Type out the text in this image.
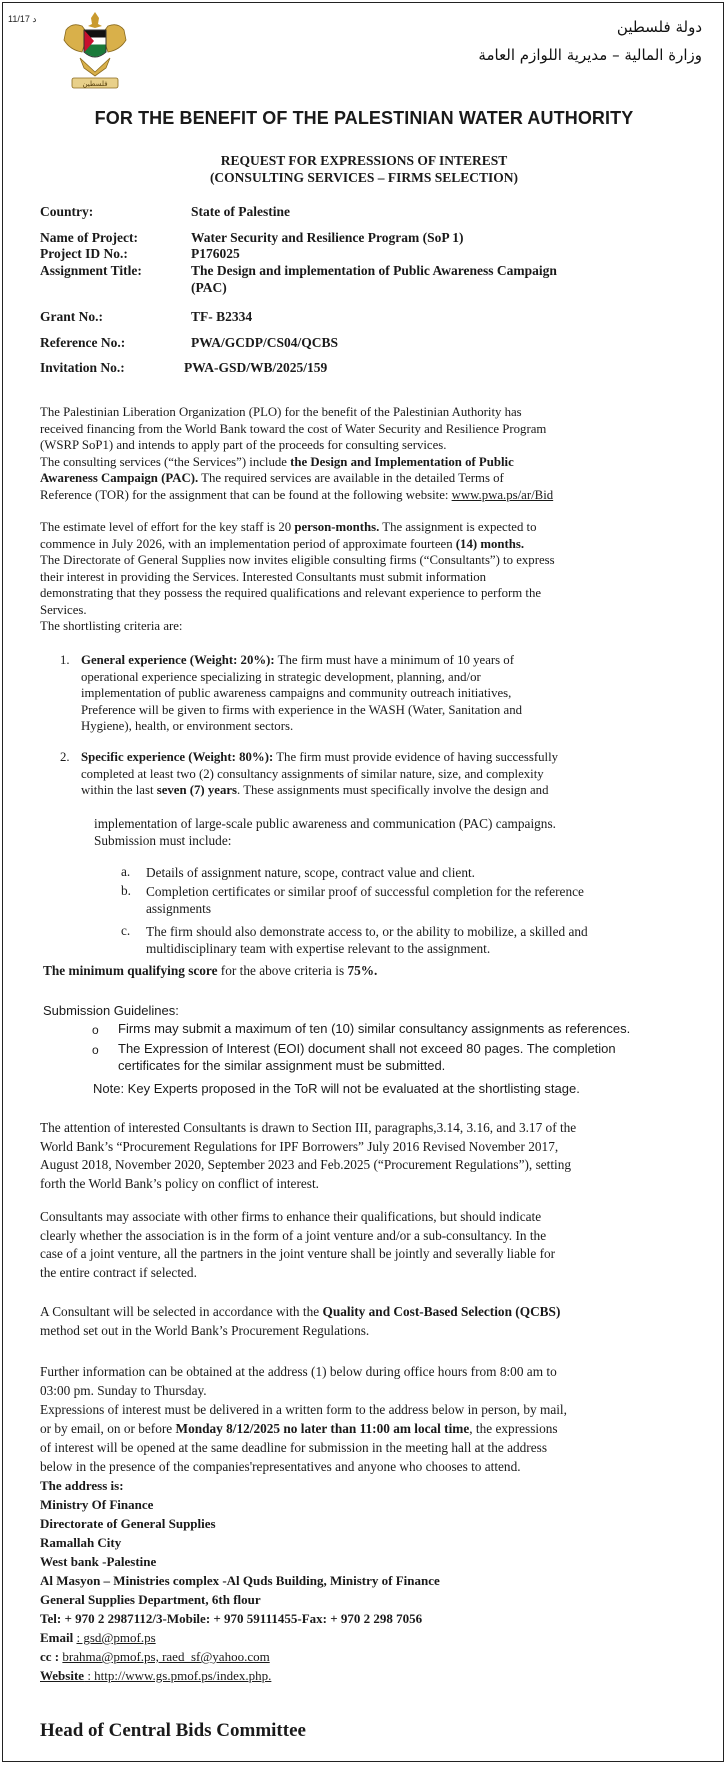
11/17 د
فلسطين
دولة فلسطين
وزارة المالية – مديرية اللوازم العامة
FOR THE BENEFIT OF THE PALESTINIAN WATER AUTHORITY
REQUEST FOR EXPRESSIONS OF INTEREST
(CONSULTING SERVICES – FIRMS SELECTION)
Country:	State of Palestine
Name of Project:	Water Security and Resilience Program (SoP 1)
Project ID No.:	P176025
Assignment Title:	The Design and implementation of Public Awareness Campaign
(PAC)
Grant No.:	TF- B2334
Reference No.:	PWA/GCDP/CS04/QCBS
Invitation No.:	PWA-GSD/WB/2025/159
The Palestinian Liberation Organization (PLO) for the benefit of the Palestinian Authority has
received financing from the World Bank toward the cost of Water Security and Resilience Program
(WSRP SoP1) and intends to apply part of the proceeds for consulting services.
The consulting services (“the Services”) include the Design and Implementation of Public
Awareness Campaign (PAC). The required services are available in the detailed Terms of
Reference (TOR) for the assignment that can be found at the following website: www.pwa.ps/ar/Bid
The estimate level of effort for the key staff is 20 person-months. The assignment is expected to
commence in July 2026, with an implementation period of approximate fourteen (14) months.
The Directorate of General Supplies now invites eligible consulting firms (“Consultants”) to express
their interest in providing the Services. Interested Consultants must submit information
demonstrating that they possess the required qualifications and relevant experience to perform the
Services.
The shortlisting criteria are:
1. General experience (Weight: 20%): The firm must have a minimum of 10 years of
operational experience specializing in strategic development, planning, and/or
implementation of public awareness campaigns and community outreach initiatives,
Preference will be given to firms with experience in the WASH (Water, Sanitation and
Hygiene), health, or environment sectors.
2. Specific experience (Weight: 80%): The firm must provide evidence of having successfully
completed at least two (2) consultancy assignments of similar nature, size, and complexity
within the last seven (7) years. These assignments must specifically involve the design and
implementation of large-scale public awareness and communication (PAC) campaigns.
Submission must include:
a. Details of assignment nature, scope, contract value and client.
b. Completion certificates or similar proof of successful completion for the reference
assignments
c. The firm should also demonstrate access to, or the ability to mobilize, a skilled and
multidisciplinary team with expertise relevant to the assignment.
The minimum qualifying score for the above criteria is 75%.
Submission Guidelines:
o Firms may submit a maximum of ten (10) similar consultancy assignments as references.
o The Expression of Interest (EOI) document shall not exceed 80 pages. The completion
certificates for the similar assignment must be submitted.
Note: Key Experts proposed in the ToR will not be evaluated at the shortlisting stage.
The attention of interested Consultants is drawn to Section III, paragraphs,3.14, 3.16, and 3.17 of the
World Bank’s “Procurement Regulations for IPF Borrowers” July 2016 Revised November 2017,
August 2018, November 2020, September 2023 and Feb.2025 (“Procurement Regulations”), setting
forth the World Bank’s policy on conflict of interest.
Consultants may associate with other firms to enhance their qualifications, but should indicate
clearly whether the association is in the form of a joint venture and/or a sub-consultancy. In the
case of a joint venture, all the partners in the joint venture shall be jointly and severally liable for
the entire contract if selected.
A Consultant will be selected in accordance with the Quality and Cost-Based Selection (QCBS)
method set out in the World Bank’s Procurement Regulations.
Further information can be obtained at the address (1) below during office hours from 8:00 am to
03:00 pm. Sunday to Thursday.
Expressions of interest must be delivered in a written form to the address below in person, by mail,
or by email, on or before Monday 8/12/2025 no later than 11:00 am local time, the expressions
of interest will be opened at the same deadline for submission in the meeting hall at the address
below in the presence of the companies'representatives and anyone who chooses to attend.
The address is:
Ministry Of Finance
Directorate of General Supplies
Ramallah City
West bank -Palestine
Al Masyon – Ministries complex -Al Quds Building, Ministry of Finance
General Supplies Department, 6th flour
Tel: + 970 2 2987112/3-Mobile: + 970 59111455-Fax: + 970 2 298 7056
Email : gsd@pmof.ps
cc : brahma@pmof.ps, raed_sf@yahoo.com
Website : http://www.gs.pmof.ps/index.php.
Head of Central Bids Committee
